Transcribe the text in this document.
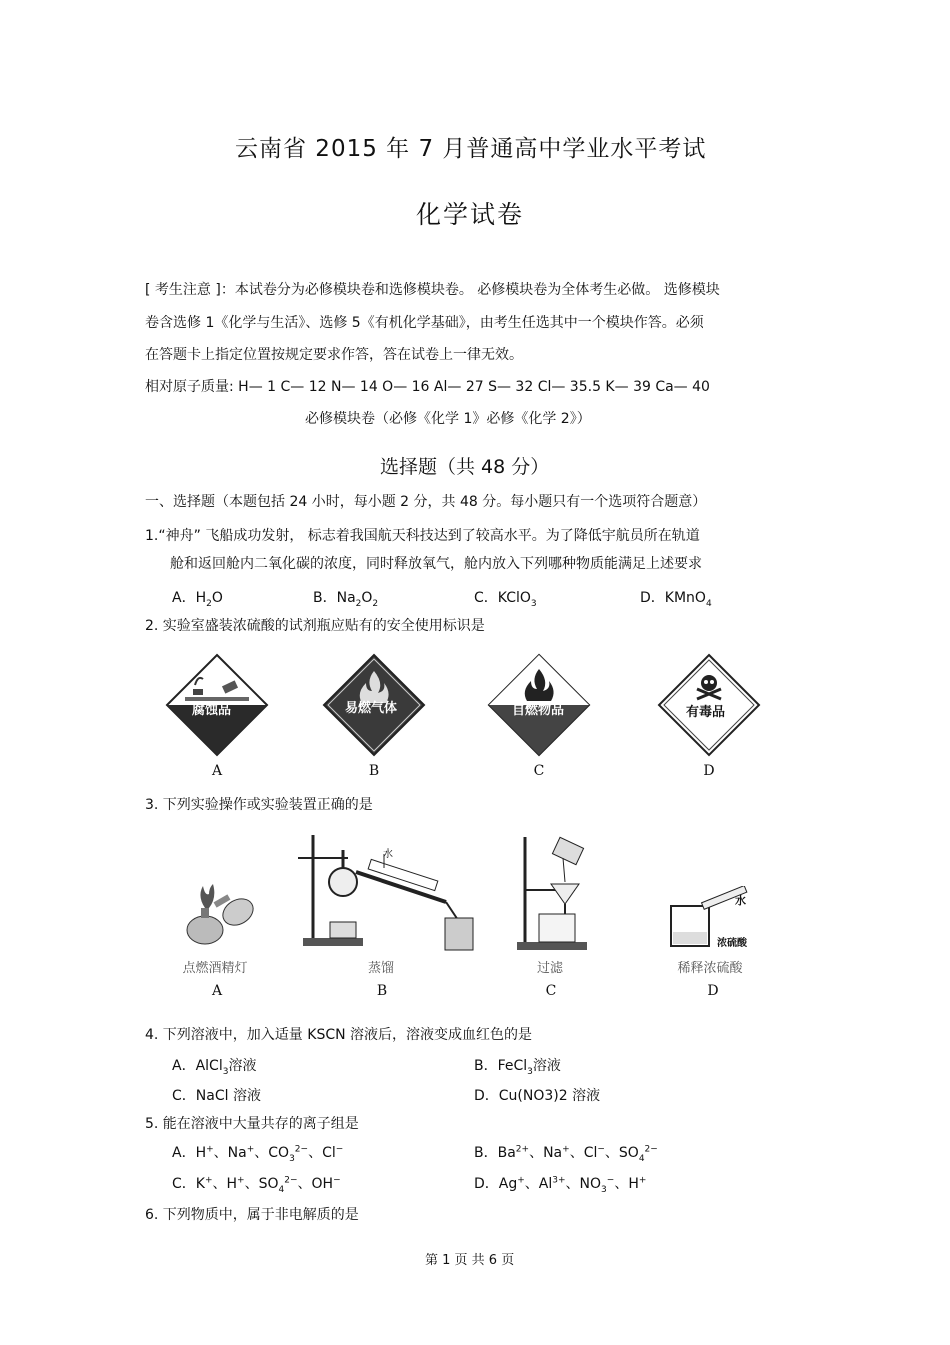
云南省 2015 年 7 月普通高中学业水平考试
化学试卷
[ 考生注意 ]：本试卷分为必修模块卷和选修模块卷。 必修模块卷为全体考生必做。 选修模块
卷含选修 1《化学与生活》、选修 5《有机化学基础》，由考生任选其中一个模块作答。必须
在答题卡上指定位置按规定要求作答，答在试卷上一律无效。
相对原子质量: H— 1 C— 12 N— 14 O— 16 Al— 27 S— 32 Cl— 35.5 K— 39 Ca— 40
必修模块卷（必修《化学 1》必修《化学 2》）
选择题（共 48 分）
一、选择题（本题包括 24 小时，每小题 2 分，共 48 分。每小题只有一个选项符合题意）
1.“神舟” 飞船成功发射， 标志着我国航天科技达到了较高水平。为了降低宇航员所在轨道
舱和返回舱内二氧化碳的浓度，同时释放氧气，舱内放入下列哪种物质能满足上述要求
A．$H_2O$	B．$Na_2O_2$	C．KClO$_3$	D．KMnO$_4$
2. 实验室盛装浓硫酸的试剂瓶应贴有的安全使用标识是
腐蚀品
A
易燃气体
B
自燃物品
C
有毒品
D
3. 下列实验操作或实验装置正确的是
点燃酒精灯
A
水
蒸馏
B
过滤
C
水
浓硫酸
稀释浓硫酸
D
4. 下列溶液中，加入适量 KSCN 溶液后，溶液变成血红色的是
A．AlCl$_3$溶液	B．FeCl$_3$溶液
C．NaCl 溶液	D．Cu(NO3)2 溶液
5. 能在溶液中大量共存的离子组是
A．H+、Na+、$CO_3^{2-}$、Cl−	B．$Ba^{2+}$、Na+、Cl−、$SO_4^{2-}$
C．K+、H+、$SO_4^{2-}$、OH−	D．Ag+、$Al^{3+}$、$NO_3^-$、H+
6. 下列物质中，属于非电解质的是
第 1 页 共 6 页
